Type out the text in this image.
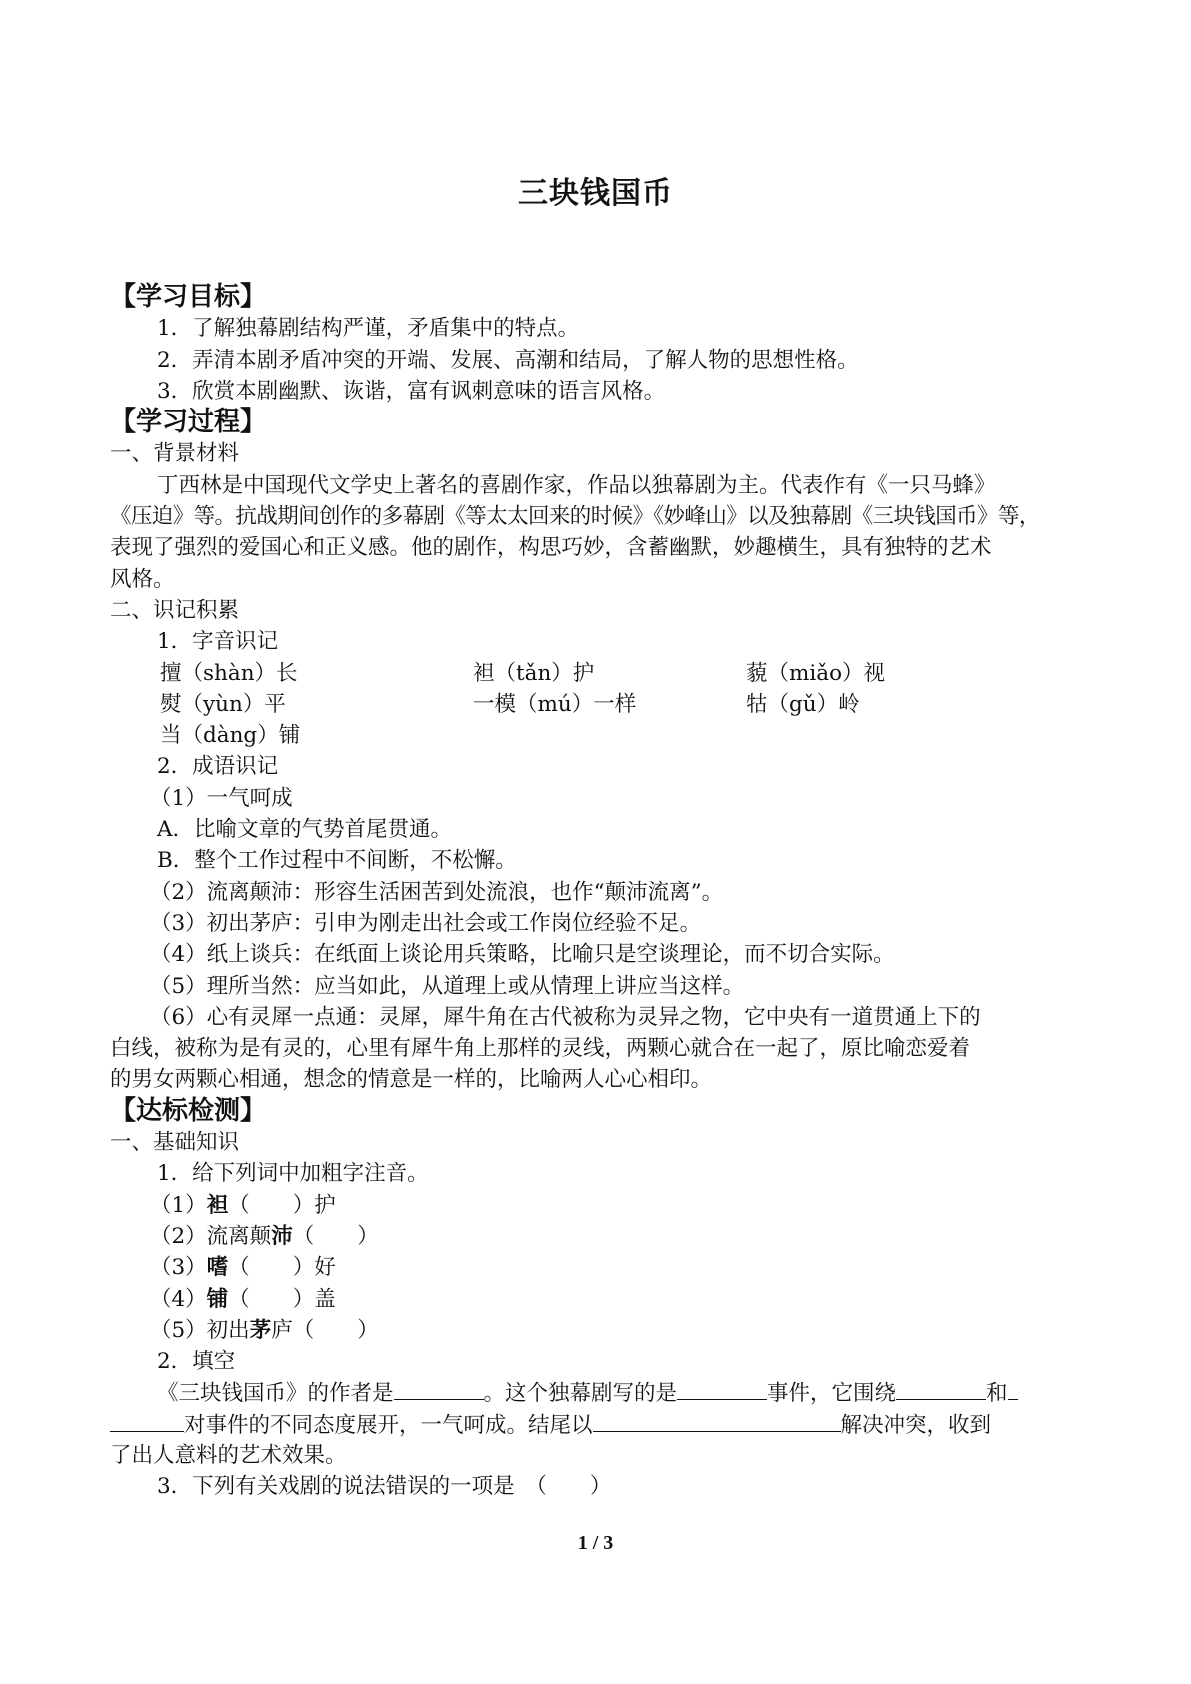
三块钱国币
【学习目标】
1．了解独幕剧结构严谨，矛盾集中的特点。
2．弄清本剧矛盾冲突的开端、发展、高潮和结局，了解人物的思想性格。
3．欣赏本剧幽默、诙谐，富有讽刺意味的语言风格。
【学习过程】
一、背景材料
丁西林是中国现代文学史上著名的喜剧作家，作品以独幕剧为主。代表作有《一只马蜂》
《压迫》等。抗战期间创作的多幕剧《等太太回来的时候》《妙峰山》以及独幕剧《三块钱国币》等，
表现了强烈的爱国心和正义感。他的剧作，构思巧妙，含蓄幽默，妙趣横生，具有独特的艺术
风格。
二、识记积累
1．字音识记
擅（shàn）长	袒（tǎn）护	藐（miǎo）视
熨（yùn）平	一模（mú）一样	牯（gǔ）岭
当（dàng）铺
2．成语识记
（1）一气呵成
A．比喻文章的气势首尾贯通。
B．整个工作过程中不间断，不松懈。
（2）流离颠沛：形容生活困苦到处流浪，也作“颠沛流离”。
（3）初出茅庐：引申为刚走出社会或工作岗位经验不足。
（4）纸上谈兵：在纸面上谈论用兵策略，比喻只是空谈理论，而不切合实际。
（5）理所当然：应当如此，从道理上或从情理上讲应当这样。
（6）心有灵犀一点通：灵犀，犀牛角在古代被称为灵异之物，它中央有一道贯通上下的
白线，被称为是有灵的，心里有犀牛角上那样的灵线，两颗心就合在一起了，原比喻恋爱着
的男女两颗心相通，想念的情意是一样的，比喻两人心心相印。
【达标检测】
一、基础知识
1．给下列词中加粗字注音。
（1）袒（　　）护
（2）流离颠沛（　　）
（3）嗜（　　）好
（4）铺（　　）盖
（5）初出茅庐（　　）
2．填空
《三块钱国币》的作者是	。这个独幕剧写的是	事件，它围绕	和
对事件的不同态度展开，一气呵成。结尾以	解决冲突，收到
了出人意料的艺术效果。
3．下列有关戏剧的说法错误的一项是　（　　）
1 / 3
